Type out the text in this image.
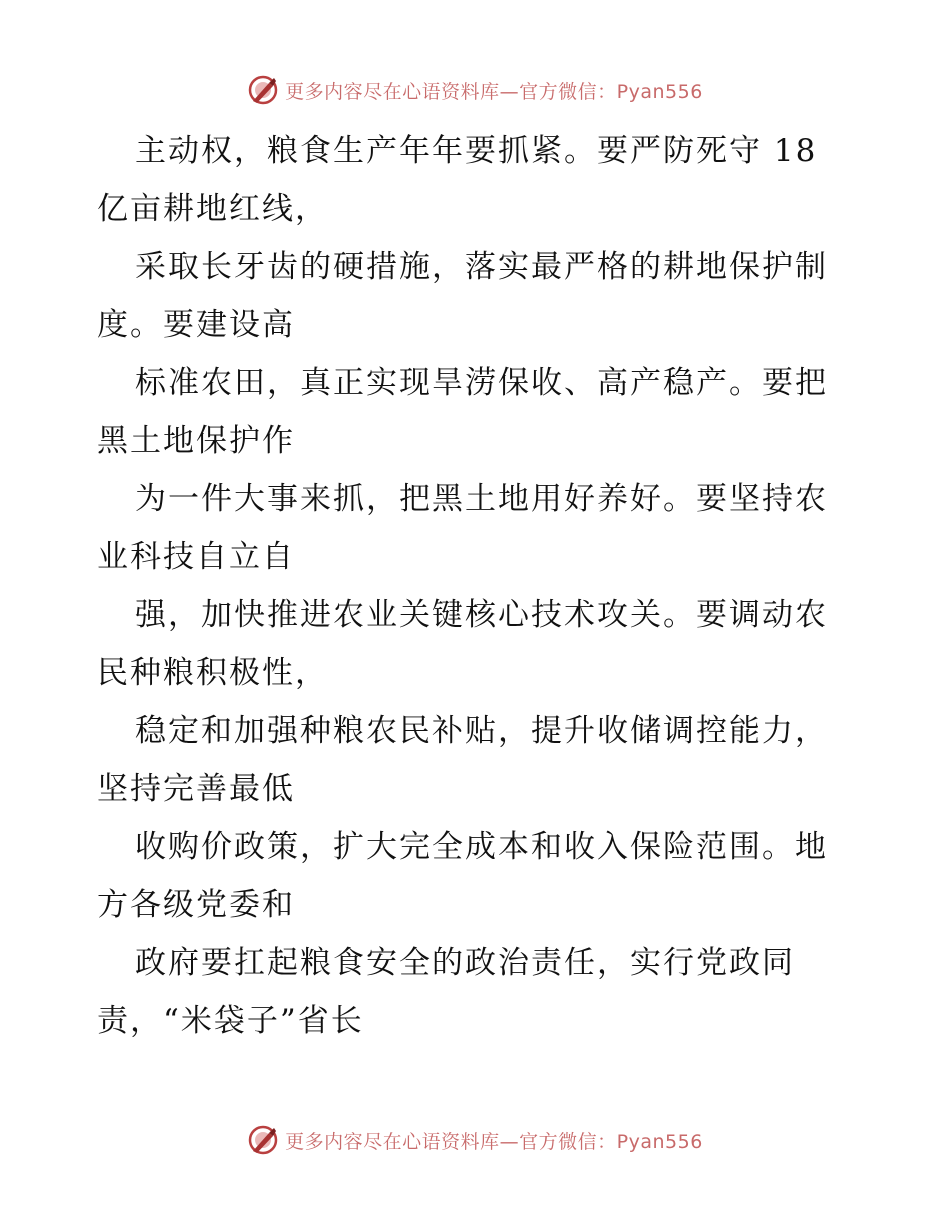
更多内容尽在心语资料库—官方微信：Pyan556

主动权，粮食生产年年要抓紧。要严防死守 18
亿亩耕地红线，

采取长牙齿的硬措施，落实最严格的耕地保护制
度。要建设高

标准农田，真正实现旱涝保收、高产稳产。要把
黑土地保护作

为一件大事来抓，把黑土地用好养好。要坚持农
业科技自立自

强，加快推进农业关键核心技术攻关。要调动农
民种粮积极性，

稳定和加强种粮农民补贴，提升收储调控能力，
坚持完善最低

收购价政策，扩大完全成本和收入保险范围。地
方各级党委和

政府要扛起粮食安全的政治责任，实行党政同
责，“米袋子”省长

更多内容尽在心语资料库—官方微信：Pyan556
